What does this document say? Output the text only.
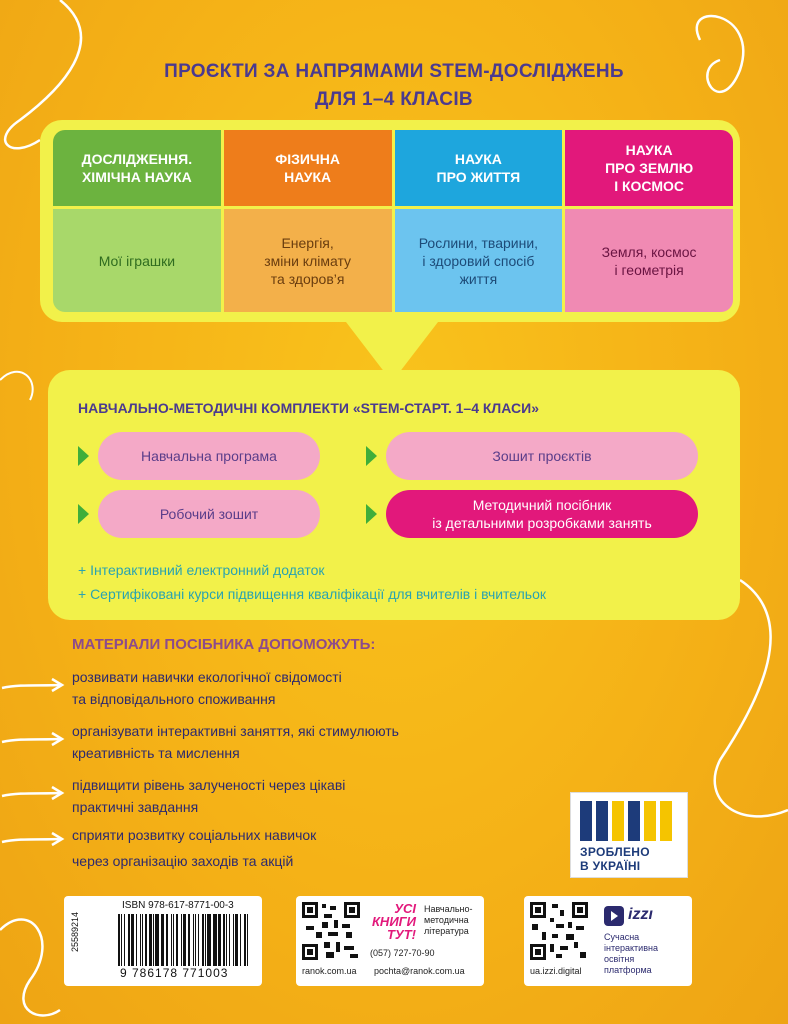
ПРОЄКТИ ЗА НАПРЯМАМИ STEM-ДОСЛІДЖЕНЬ
ДЛЯ 1–4 КЛАСІВ
ДОСЛІДЖЕННЯ.
ХІМІЧНА НАУКА
Мої іграшки
ФІЗИЧНА
НАУКА
Енергія,
зміни клімату
та здоров’я
НАУКА
ПРО ЖИТТЯ
Рослини, тварини,
і здоровий спосіб
життя
НАУКА
ПРО ЗЕМЛЮ
І КОСМОС
Земля, космос
і геометрія
НАВЧАЛЬНО-МЕТОДИЧНІ КОМПЛЕКТИ «STEM-СТАРТ. 1–4 КЛАСИ»
Навчальна програма	Зошит проєктів
Робочий зошит
Методичний посібник
із детальними розробками занять
+ Інтерактивний електронний додаток
+ Сертифіковані курси підвищення кваліфікації для вчителів і вчительок
МАТЕРІАЛИ ПОСІБНИКА ДОПОМОЖУТЬ:
розвивати навички екологічної свідомості
та відповідального споживання
організувати інтерактивні заняття, які стимулюють
креативність та мислення
підвищити рівень залученості через цікаві
практичні завдання
сприяти розвитку соціальних навичок
через організацію заходів та акцій
ЗРОБЛЕНО
В УКРАЇНІ
ISBN 978-617-8771-00-3
25589214
9 786178 771003
УСІ
КНИГИ
ТУТ!
Навчально-
методична
література
(057) 727-70-90
ranok.com.ua pochta@ranok.com.ua
izzı
Сучасна
інтерактивна
освітня
платформа
ua.izzi.digital
